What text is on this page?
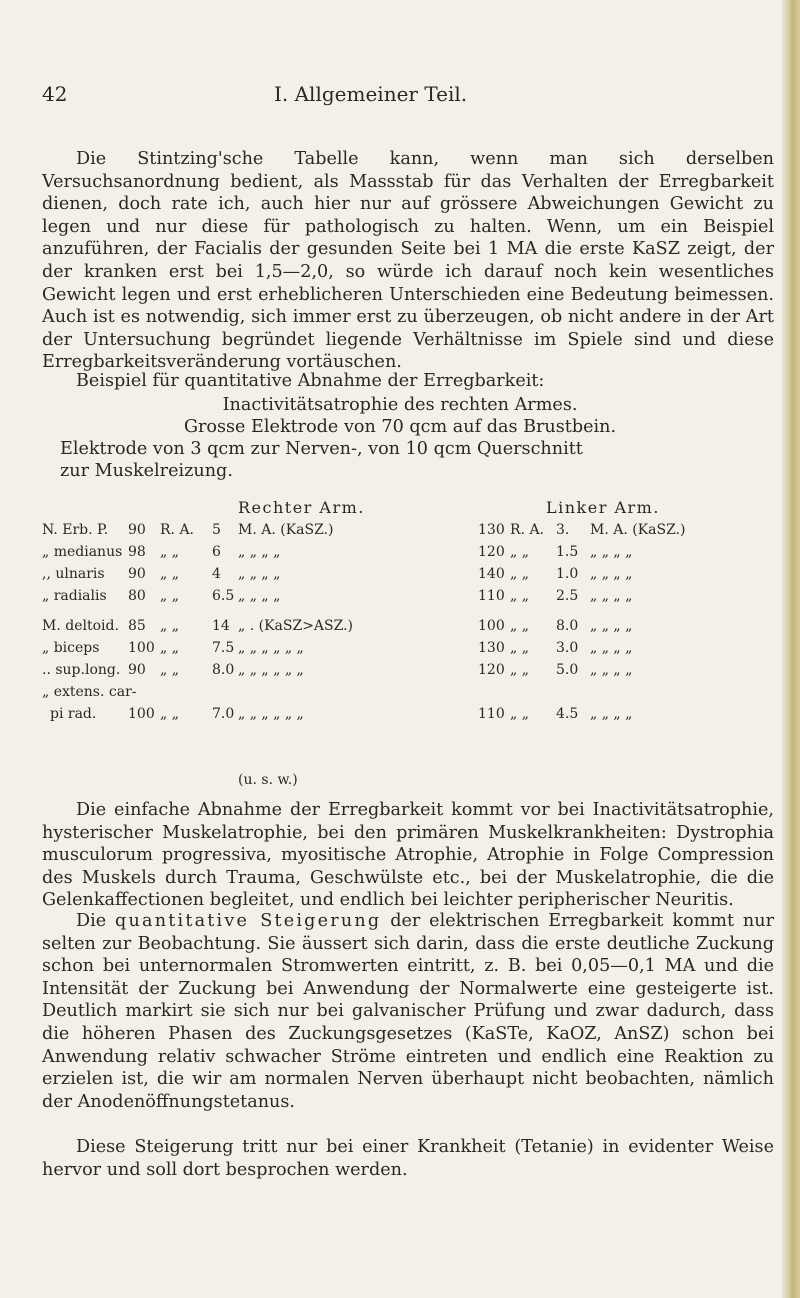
42	I. Allgemeiner Teil.
Die Stintzing'sche Tabelle kann, wenn man sich derselben Versuchsanordnung bedient, als Massstab für das Verhalten der Erregbarkeit dienen, doch rate ich, auch hier nur auf grössere Abweichungen Gewicht zu legen und nur diese für pathologisch zu halten. Wenn, um ein Beispiel anzuführen, der Facialis der gesunden Seite bei 1 MA die erste KaSZ zeigt, der der kranken erst bei 1,5—2,0, so würde ich darauf noch kein wesentliches Gewicht legen und erst erheblicheren Unterschieden eine Bedeutung beimessen. Auch ist es notwendig, sich immer erst zu überzeugen, ob nicht andere in der Art der Untersuchung begründet liegende Verhältnisse im Spiele sind und diese Erregbarkeitsveränderung vortäuschen.
Beispiel für quantitative Abnahme der Erregbarkeit:
Inactivitätsatrophie des rechten Armes.
Grosse Elektrode von 70 qcm auf das Brustbein.
Elektrode von 3 qcm zur Nerven-, von 10 qcm Querschnitt
zur Muskelreizung.
Rechter Arm.	Linker Arm.
N. Erb. P. 90 R. A. 5 M. A. (KaSZ.)	130 R. A. 3. M. A. (KaSZ.)
„ medianus 98 „ „ 6 „ „ „ „	120 „ „ 1.5 „ „ „ „
,, ulnaris 90 „ „ 4 „ „ „ „	140 „ „ 1.0 „ „ „ „
„ radialis 80 „ „ 6.5 „ „ „ „	110 „ „ 2.5 „ „ „ „
M. deltoid. 85 „ „ 14 „ . (KaSZ>ASZ.)	100 „ „ 8.0 „ „ „ „
„ biceps 100 „ „ 7.5 „ „ „ „ „ „	130 „ „ 3.0 „ „ „ „
.. sup.long. 90 „ „ 8.0 „ „ „ „ „ „	120 „ „ 5.0 „ „ „ „
„ extens. car-
pi rad. 100 „ „ 7.0 „ „ „ „ „ „	110 „ „ 4.5 „ „ „ „
(u. s. w.)
Die einfache Abnahme der Erregbarkeit kommt vor bei Inactivitätsatrophie, hysterischer Muskelatrophie, bei den primären Muskelkrankheiten: Dystrophia musculorum progressiva, myositische Atrophie, Atrophie in Folge Compression des Muskels durch Trauma, Geschwülste etc., bei der Muskelatrophie, die die Gelenkaffectionen begleitet, und endlich bei leichter peripherischer Neuritis.
Die quantitative Steigerung der elektrischen Erregbarkeit kommt nur selten zur Beobachtung. Sie äussert sich darin, dass die erste deutliche Zuckung schon bei unternormalen Stromwerten eintritt, z. B. bei 0,05—0,1 MA und die Intensität der Zuckung bei Anwendung der Normalwerte eine gesteigerte ist. Deutlich markirt sie sich nur bei galvanischer Prüfung und zwar dadurch, dass die höheren Phasen des Zuckungsgesetzes (KaSTe, KaOZ, AnSZ) schon bei Anwendung relativ schwacher Ströme eintreten und endlich eine Reaktion zu erzielen ist, die wir am normalen Nerven überhaupt nicht beobachten, nämlich der Anodenöffnungstetanus.
Diese Steigerung tritt nur bei einer Krankheit (Tetanie) in evidenter Weise hervor und soll dort besprochen werden.
